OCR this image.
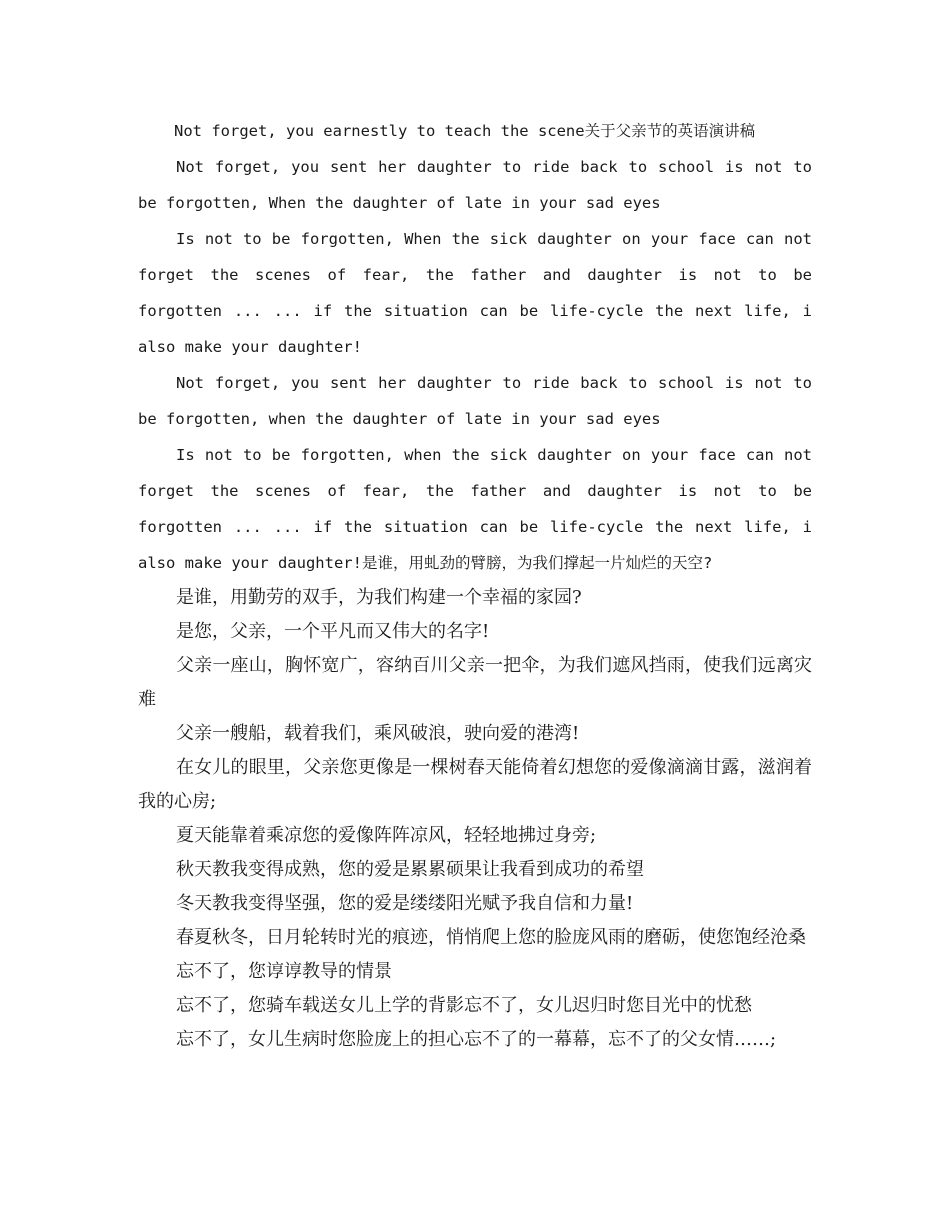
Not forget, you earnestly to teach the scene关于父亲节的英语演讲稿

Not forget, you sent her daughter to ride back to school is not to be forgotten, When the daughter of late in your sad eyes

Is not to be forgotten, When the sick daughter on your face can not forget the scenes of fear, the father and daughter is not to be forgotten ... ... if the situation can be life-cycle the next life, i also make your daughter!

Not forget, you sent her daughter to ride back to school is not to be forgotten, when the daughter of late in your sad eyes

Is not to be forgotten, when the sick daughter on your face can not forget the scenes of fear, the father and daughter is not to be forgotten ... ... if the situation can be life-cycle the next life, i also make your daughter!是谁，用虬劲的臂膀，为我们撑起一片灿烂的天空?

是谁，用勤劳的双手，为我们构建一个幸福的家园?

是您，父亲，一个平凡而又伟大的名字!

父亲一座山，胸怀宽广，容纳百川父亲一把伞，为我们遮风挡雨，使我们远离灾难

父亲一艘船，载着我们，乘风破浪，驶向爱的港湾!

在女儿的眼里，父亲您更像是一棵树春天能倚着幻想您的爱像滴滴甘露，滋润着我的心房;

夏天能靠着乘凉您的爱像阵阵凉风，轻轻地拂过身旁;

秋天教我变得成熟，您的爱是累累硕果让我看到成功的希望

冬天教我变得坚强，您的爱是缕缕阳光赋予我自信和力量!

春夏秋冬，日月轮转时光的痕迹，悄悄爬上您的脸庞风雨的磨砺，使您饱经沧桑

忘不了，您谆谆教导的情景

忘不了，您骑车载送女儿上学的背影忘不了，女儿迟归时您目光中的忧愁

忘不了，女儿生病时您脸庞上的担心忘不了的一幕幕，忘不了的父女情……;
